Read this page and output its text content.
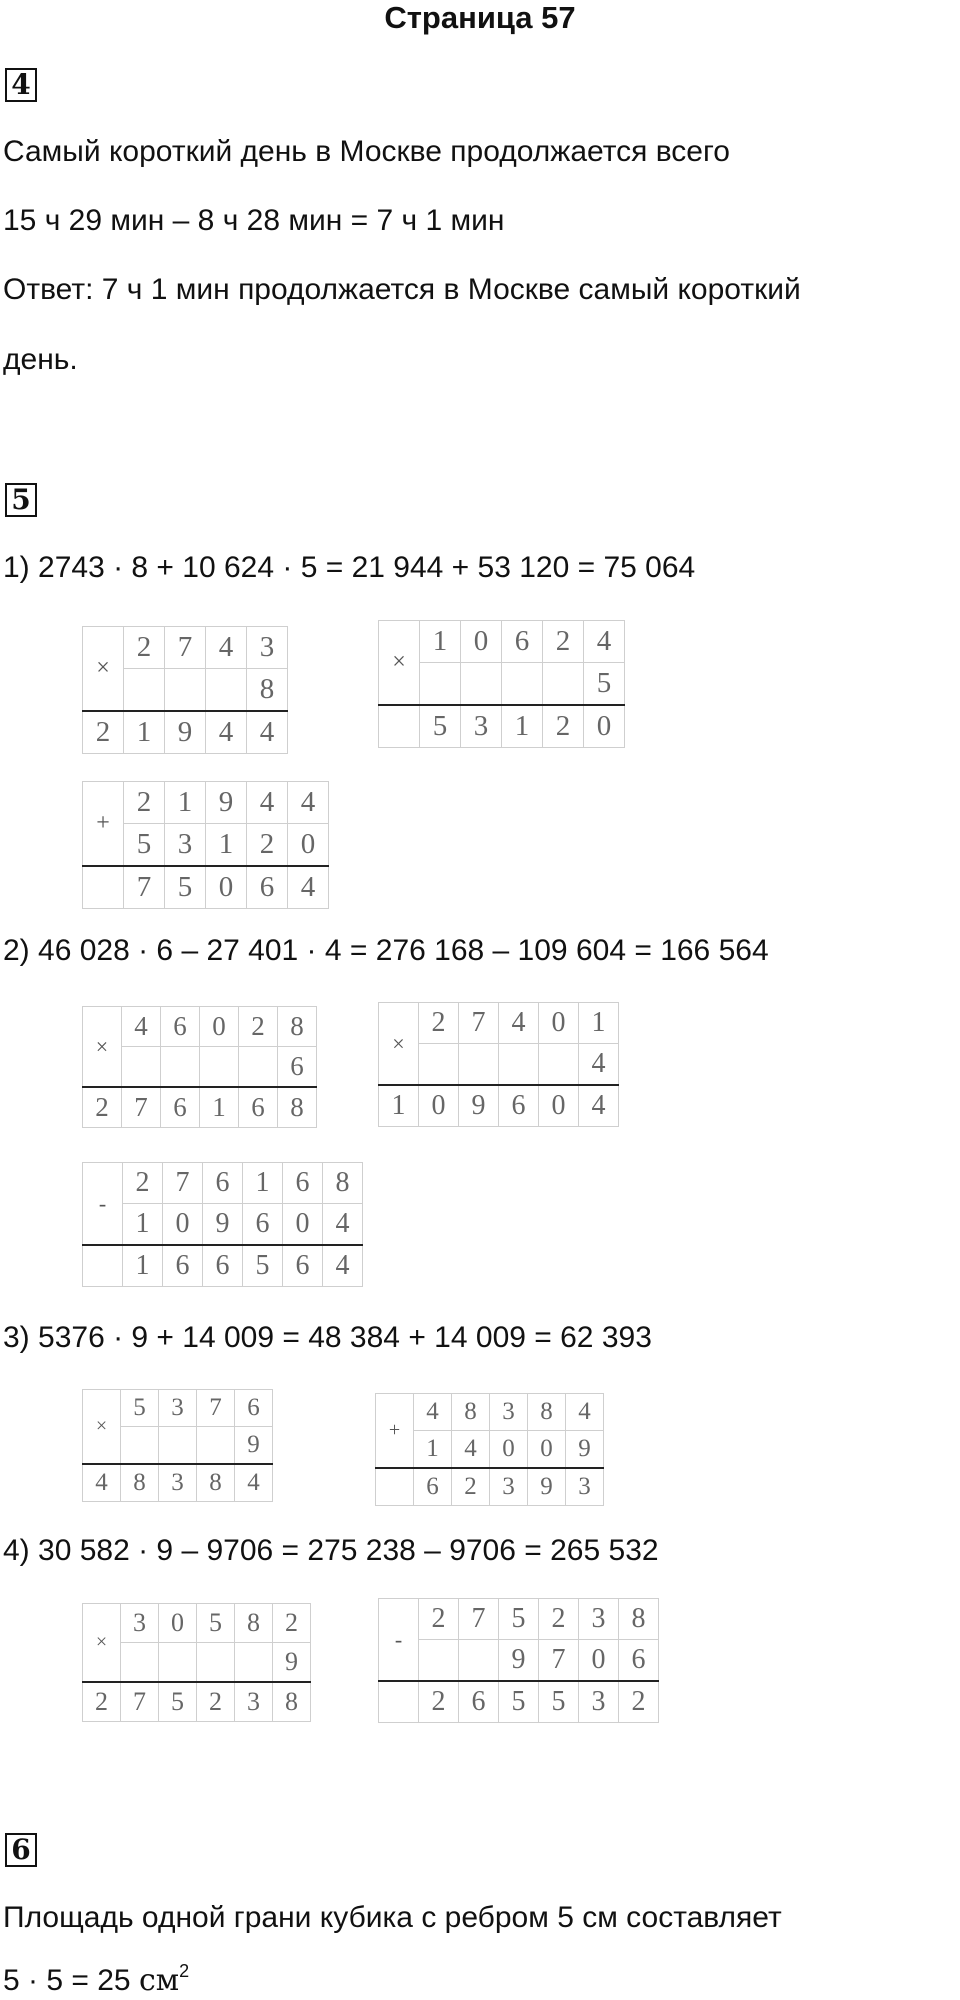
Страница 57
4
Самый короткий день в Москве продолжается всего
15 ч 29 мин – 8 ч 28 мин = 7 ч 1 мин
Ответ: 7 ч 1 мин продолжается в Москве самый короткий
день.
5
1) 2743 · 8 + 10 624 · 5 = 21 944 + 53 120 = 75 064
×	2	7	4	3
				8
2	1	9	4	4
×	1	0	6	2	4
					5
	5	3	1	2	0
+	2	1	9	4	4
	5	3	1	2	0
	7	5	0	6	4
2) 46 028 · 6 – 27 401 · 4 = 276 168 – 109 604 = 166 564
×	4	6	0	2	8
					6
2	7	6	1	6	8
×	2	7	4	0	1
					4
1	0	9	6	0	4
-	2	7	6	1	6	8
	1	0	9	6	0	4
	1	6	6	5	6	4
3) 5376 · 9 + 14 009 = 48 384 + 14 009 = 62 393
×	5	3	7	6
				9
4	8	3	8	4
+	4	8	3	8	4
	1	4	0	0	9
	6	2	3	9	3
4) 30 582 · 9 – 9706 = 275 238 – 9706 = 265 532
×	3	0	5	8	2
					9
2	7	5	2	3	8
-	2	7	5	2	3	8
			9	7	0	6
	2	6	5	5	3	2
6
Площадь одной грани кубика с ребром 5 см составляет
5 · 5 = 25 $см^2$
